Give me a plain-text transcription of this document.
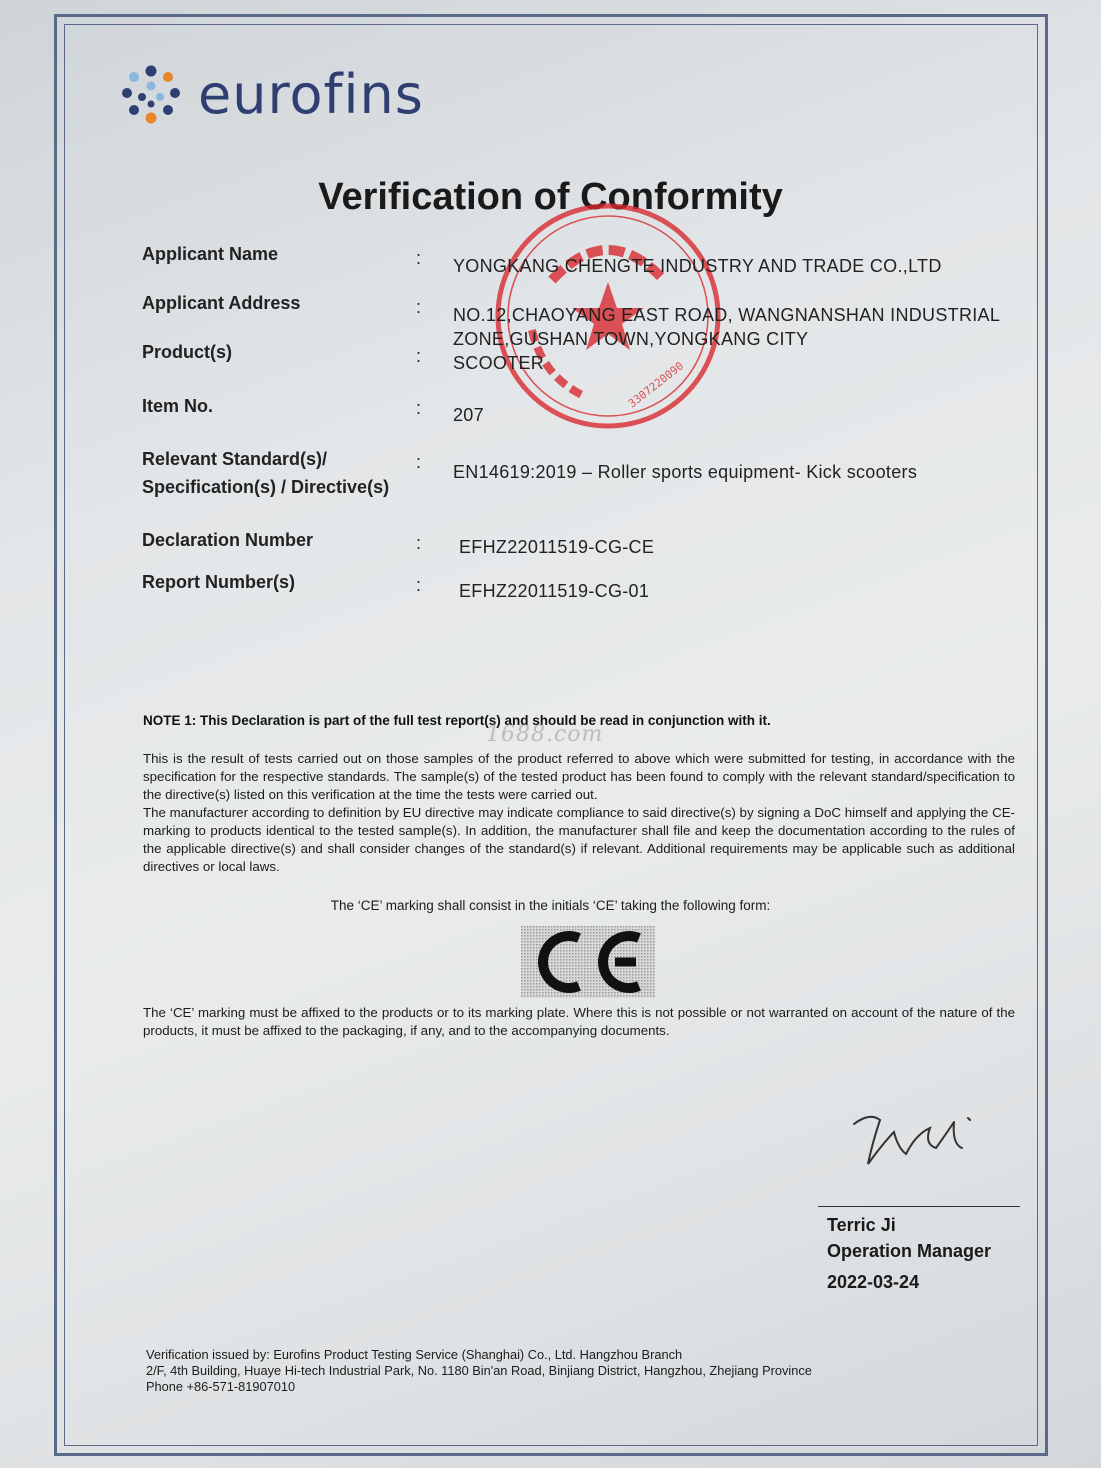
eurofins
Verification of Conformity
3307220090
Applicant Name	: YONGKANG CHENGTE INDUSTRY AND TRADE CO.,LTD
Applicant Address	: NO.12,CHAOYANG EAST ROAD, WANGNANSHAN INDUSTRIAL
ZONE,GUSHAN TOWN,YONGKANG CITY
Product(s)	: SCOOTER
Item No.	: 207
Relevant Standard(s)/
Specification(s) / Directive(s)
: EN14619:2019 – Roller sports equipment- Kick scooters
Declaration Number	: EFHZ22011519-CG-CE
Report Number(s)	: EFHZ22011519-CG-01
NOTE 1: This Declaration is part of the full test report(s) and should be read in conjunction with it.
1688.com
This is the result of tests carried out on those samples of the product referred to above which were submitted for testing, in accordance with the specification for the respective standards. The sample(s) of the tested product has been found to comply with the relevant standard/specification to the directive(s) listed on this verification at the time the tests were carried out.
The manufacturer according to definition by EU directive may indicate compliance to said directive(s) by signing a DoC himself and applying the CE-marking to products identical to the tested sample(s). In addition, the manufacturer shall file and keep the documentation according to the rules of the applicable directive(s) and shall consider changes of the standard(s) if relevant. Additional requirements may be applicable such as additional directives or local laws.
The ‘CE’ marking shall consist in the initials ‘CE’ taking the following form:
CE
The ‘CE’ marking must be affixed to the products or to its marking plate. Where this is not possible or not warranted on account of the nature of the products, it must be affixed to the packaging, if any, and to the accompanying documents.
Terric Ji
Operation Manager
2022-03-24
Verification issued by: Eurofins Product Testing Service (Shanghai) Co., Ltd. Hangzhou Branch
2/F, 4th Building, Huaye Hi-tech Industrial Park, No. 1180 Bin'an Road, Binjiang District, Hangzhou, Zhejiang Province
Phone +86-571-81907010
